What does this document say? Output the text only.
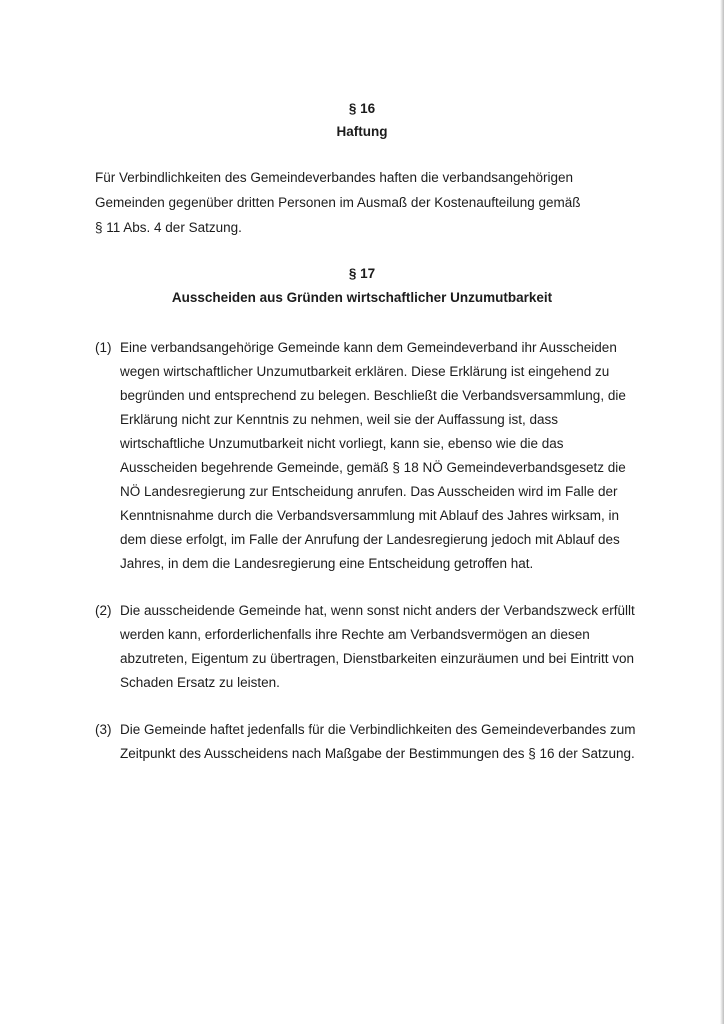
§ 16
Haftung
Für Verbindlichkeiten des Gemeindeverbandes haften die verbandsangehörigen
Gemeinden gegenüber dritten Personen im Ausmaß der Kostenaufteilung gemäß
§ 11 Abs. 4 der Satzung.
§ 17
Ausscheiden aus Gründen wirtschaftlicher Unzumutbarkeit
(1) Eine verbandsangehörige Gemeinde kann dem Gemeindeverband ihr Ausscheiden
wegen wirtschaftlicher Unzumutbarkeit erklären. Diese Erklärung ist eingehend zu
begründen und entsprechend zu belegen. Beschließt die Verbandsversammlung, die
Erklärung nicht zur Kenntnis zu nehmen, weil sie der Auffassung ist, dass
wirtschaftliche Unzumutbarkeit nicht vorliegt, kann sie, ebenso wie die das
Ausscheiden begehrende Gemeinde, gemäß § 18 NÖ Gemeindeverbandsgesetz die
NÖ Landesregierung zur Entscheidung anrufen. Das Ausscheiden wird im Falle der
Kenntnisnahme durch die Verbandsversammlung mit Ablauf des Jahres wirksam, in
dem diese erfolgt, im Falle der Anrufung der Landesregierung jedoch mit Ablauf des
Jahres, in dem die Landesregierung eine Entscheidung getroffen hat.
(2) Die ausscheidende Gemeinde hat, wenn sonst nicht anders der Verbandszweck erfüllt
werden kann, erforderlichenfalls ihre Rechte am Verbandsvermögen an diesen
abzutreten, Eigentum zu übertragen, Dienstbarkeiten einzuräumen und bei Eintritt von
Schaden Ersatz zu leisten.
(3) Die Gemeinde haftet jedenfalls für die Verbindlichkeiten des Gemeindeverbandes zum
Zeitpunkt des Ausscheidens nach Maßgabe der Bestimmungen des § 16 der Satzung.
